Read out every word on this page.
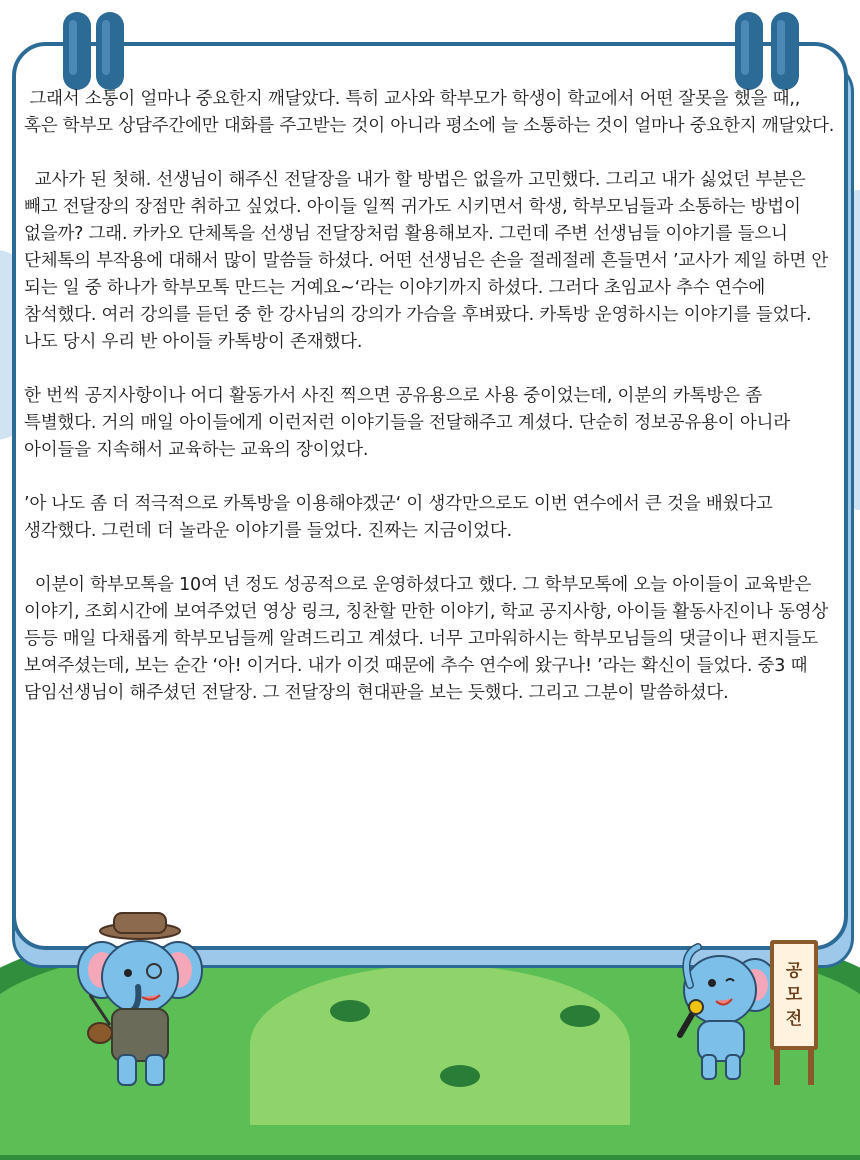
그래서 소통이 얼마나 중요한지 깨달았다. 특히 교사와 학부모가 학생이 학교에서 어떤 잘못을 했을 때,, 혹은 학부모 상담주간에만 대화를 주고받는 것이 아니라 평소에 늘 소통하는 것이 얼마나 중요한지 깨달았다.

교사가 된 첫해. 선생님이 해주신 전달장을 내가 할 방법은 없을까 고민했다. 그리고 내가 싫었던 부분은 빼고 전달장의 장점만 취하고 싶었다. 아이들 일찍 귀가도 시키면서 학생, 학부모님들과 소통하는 방법이 없을까? 그래. 카카오 단체톡을 선생님 전달장처럼 활용해보자. 그런데 주변 선생님들 이야기를 들으니 단체톡의 부작용에 대해서 많이 말씀들 하셨다. 어떤 선생님은 손을 절레절레 흔들면서 ’교사가 제일 하면 안 되는 일 중 하나가 학부모톡 만드는 거예요~‘라는 이야기까지 하셨다. 그러다 초임교사 추수 연수에 참석했다. 여러 강의를 듣던 중 한 강사님의 강의가 가슴을 후벼팠다. 카톡방 운영하시는 이야기를 들었다. 나도 당시 우리 반 아이들 카톡방이 존재했다.

한 번씩 공지사항이나 어디 활동가서 사진 찍으면 공유용으로 사용 중이었는데, 이분의 카톡방은 좀 특별했다. 거의 매일 아이들에게 이런저런 이야기들을 전달해주고 계셨다. 단순히 정보공유용이 아니라 아이들을 지속해서 교육하는 교육의 장이었다.

’아 나도 좀 더 적극적으로 카톡방을 이용해야겠군‘ 이 생각만으로도 이번 연수에서 큰 것을 배웠다고 생각했다. 그런데 더 놀라운 이야기를 들었다. 진짜는 지금이었다.

이분이 학부모톡을 10여 년 정도 성공적으로 운영하셨다고 했다. 그 학부모톡에 오늘 아이들이 교육받은 이야기, 조회시간에 보여주었던 영상 링크, 칭찬할 만한 이야기, 학교 공지사항, 아이들 활동사진이나 동영상 등등 매일 다채롭게 학부모님들께 알려드리고 계셨다. 너무 고마워하시는 학부모님들의 댓글이나 편지들도 보여주셨는데, 보는 순간 ‘아! 이거다. 내가 이것 때문에 추수 연수에 왔구나! ’라는 확신이 들었다. 중3 때 담임선생님이 해주셨던 전달장. 그 전달장의 현대판을 보는 듯했다. 그리고 그분이 말씀하셨다.

공
모
전
